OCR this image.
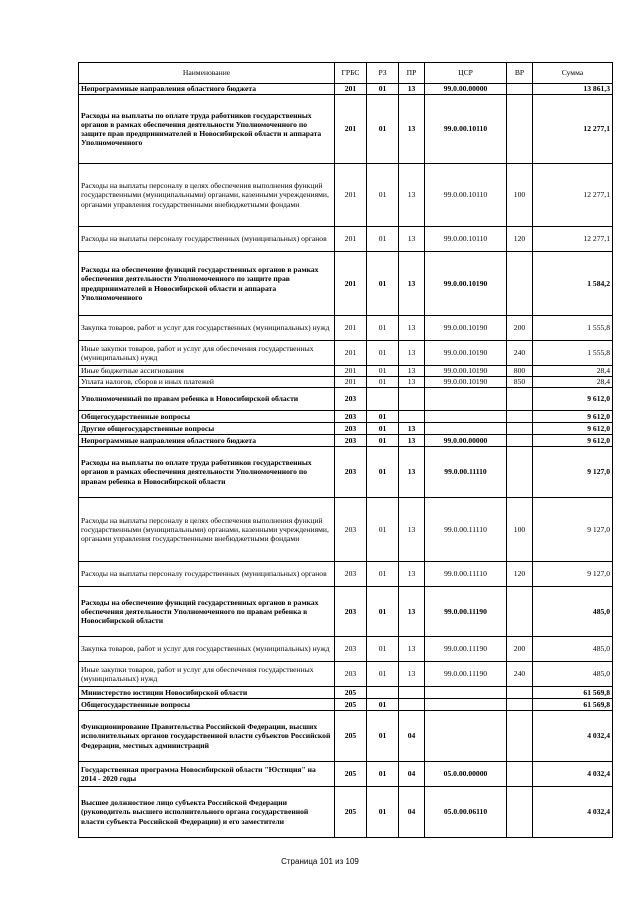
Наименование	ГРБС	РЗ	ПР	ЦСР	ВР	Сумма
Непрограммные направления областного бюджета	201	01	13	99.0.00.00000		13 861,3
Расходы на выплаты по оплате труда работников государственных органов в рамках обеспечения деятельности Уполномоченного по защите прав предпринимателей в Новосибирской области и аппарата Уполномоченного	201	01	13	99.0.00.10110		12 277,1
Расходы на выплаты персоналу в целях обеспечения выполнения функций государственными (муниципальными) органами, казенными учреждениями, органами управления государственными внебюджетными фондами	201	01	13	99.0.00.10110	100	12 277,1
Расходы на выплаты персоналу государственных (муниципальных) органов	201	01	13	99.0.00.10110	120	12 277,1
Расходы на обеспечение функций государственных органов в рамках обеспечения деятельности Уполномоченного по защите прав предпринимателей в Новосибирской области и аппарата Уполномоченного	201	01	13	99.0.00.10190		1 584,2
Закупка товаров, работ и услуг для государственных (муниципальных) нужд	201	01	13	99.0.00.10190	200	1 555,8
Иные закупки товаров, работ и услуг для обеспечения государственных (муниципальных) нужд	201	01	13	99.0.00.10190	240	1 555,8
Иные бюджетные ассигнования	201	01	13	99.0.00.10190	800	28,4
Уплата налогов, сборов и иных платежей	201	01	13	99.0.00.10190	850	28,4
Уполномоченный по правам ребенка в Новосибирской области	203					9 612,0
Общегосударственные вопросы	203	01				9 612,0
Другие общегосударственные вопросы	203	01	13			9 612,0
Непрограммные направления областного бюджета	203	01	13	99.0.00.00000		9 612,0
Расходы на выплаты по оплате труда работников государственных органов в рамках обеспечения деятельности Уполномоченного по правам ребенка в Новосибирской области	203	01	13	99.0.00.11110		9 127,0
Расходы на выплаты персоналу в целях обеспечения выполнения функций государственными (муниципальными) органами, казенными учреждениями, органами управления государственными внебюджетными фондами	203	01	13	99.0.00.11110	100	9 127,0
Расходы на выплаты персоналу государственных (муниципальных) органов	203	01	13	99.0.00.11110	120	9 127,0
Расходы на обеспечение функций государственных органов в рамках обеспечения деятельности Уполномоченного по правам ребенка в Новосибирской области	203	01	13	99.0.00.11190		485,0
Закупка товаров, работ и услуг для государственных (муниципальных) нужд	203	01	13	99.0.00.11190	200	485,0
Иные закупки товаров, работ и услуг для обеспечения государственных (муниципальных) нужд	203	01	13	99.0.00.11190	240	485,0
Министерство юстиции Новосибирской области	205					61 569,8
Общегосударственные вопросы	205	01				61 569,8
Функционирование Правительства Российской Федерации, высших исполнительных органов государственной власти субъектов Российской Федерации, местных администраций	205	01	04			4 032,4
Государственная программа Новосибирской области "Юстиция" на 2014 - 2020 годы	205	01	04	05.0.00.00000		4 032,4
Высшее должностное лицо субъекта Российской Федерации (руководитель высшего исполнительного органа государственной власти субъекта Российской Федерации) и его заместители	205	01	04	05.0.00.06110		4 032,4
Страница 101 из 109
